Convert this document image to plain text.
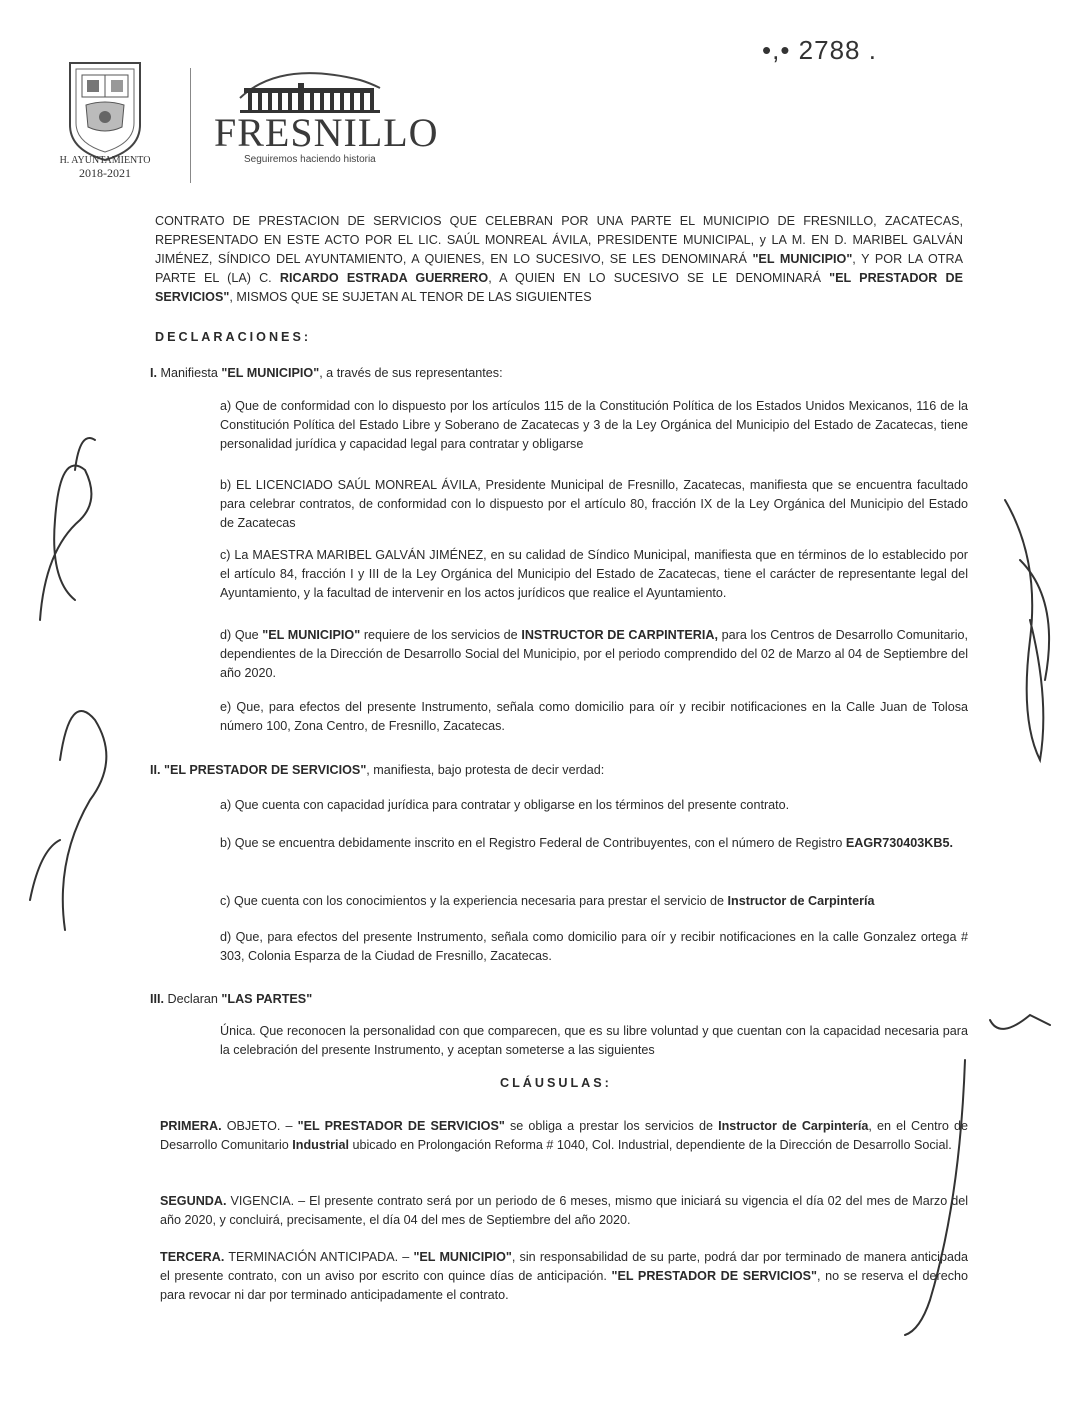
H. AYUNTAMIENTO
2018-2021
FRESNILLO
Seguiremos haciendo historia
•,• 2788 .
CONTRATO DE PRESTACION DE SERVICIOS QUE CELEBRAN POR UNA PARTE EL MUNICIPIO DE FRESNILLO, ZACATECAS, REPRESENTADO EN ESTE ACTO POR EL LIC. SAÚL MONREAL ÁVILA, PRESIDENTE MUNICIPAL, y LA M. EN D. MARIBEL GALVÁN JIMÉNEZ, SÍNDICO DEL AYUNTAMIENTO, A QUIENES, EN LO SUCESIVO, SE LES DENOMINARÁ "EL MUNICIPIO", Y POR LA OTRA PARTE EL (LA) C. RICARDO ESTRADA GUERRERO, A QUIEN EN LO SUCESIVO SE LE DENOMINARÁ "EL PRESTADOR DE SERVICIOS", MISMOS QUE SE SUJETAN AL TENOR DE LAS SIGUIENTES
DECLARACIONES:
I. Manifiesta "EL MUNICIPIO", a través de sus representantes:
a) Que de conformidad con lo dispuesto por los artículos 115 de la Constitución Política de los Estados Unidos Mexicanos, 116 de la Constitución Política del Estado Libre y Soberano de Zacatecas y 3 de la Ley Orgánica del Municipio del Estado de Zacatecas, tiene personalidad jurídica y capacidad legal para contratar y obligarse
b) EL LICENCIADO SAÚL MONREAL ÁVILA, Presidente Municipal de Fresnillo, Zacatecas, manifiesta que se encuentra facultado para celebrar contratos, de conformidad con lo dispuesto por el artículo 80, fracción IX de la Ley Orgánica del Municipio del Estado de Zacatecas
c) La MAESTRA MARIBEL GALVÁN JIMÉNEZ, en su calidad de Síndico Municipal, manifiesta que en términos de lo establecido por el artículo 84, fracción I y III de la Ley Orgánica del Municipio del Estado de Zacatecas, tiene el carácter de representante legal del Ayuntamiento, y la facultad de intervenir en los actos jurídicos que realice el Ayuntamiento.
d) Que "EL MUNICIPIO" requiere de los servicios de INSTRUCTOR DE CARPINTERIA, para los Centros de Desarrollo Comunitario, dependientes de la Dirección de Desarrollo Social del Municipio, por el periodo comprendido del 02 de Marzo al 04 de Septiembre del año 2020.
e) Que, para efectos del presente Instrumento, señala como domicilio para oír y recibir notificaciones en la Calle Juan de Tolosa número 100, Zona Centro, de Fresnillo, Zacatecas.
II. "EL PRESTADOR DE SERVICIOS", manifiesta, bajo protesta de decir verdad:
a) Que cuenta con capacidad jurídica para contratar y obligarse en los términos del presente contrato.
b) Que se encuentra debidamente inscrito en el Registro Federal de Contribuyentes, con el número de Registro EAGR730403KB5.
c) Que cuenta con los conocimientos y la experiencia necesaria para prestar el servicio de Instructor de Carpintería
d) Que, para efectos del presente Instrumento, señala como domicilio para oír y recibir notificaciones en la calle Gonzalez ortega # 303, Colonia Esparza de la Ciudad de Fresnillo, Zacatecas.
III. Declaran "LAS PARTES"
Única. Que reconocen la personalidad con que comparecen, que es su libre voluntad y que cuentan con la capacidad necesaria para la celebración del presente Instrumento, y aceptan someterse a las siguientes
CLÁUSULAS:
PRIMERA. OBJETO. – "EL PRESTADOR DE SERVICIOS" se obliga a prestar los servicios de Instructor de Carpintería, en el Centro de Desarrollo Comunitario Industrial ubicado en Prolongación Reforma # 1040, Col. Industrial, dependiente de la Dirección de Desarrollo Social.
SEGUNDA. VIGENCIA. – El presente contrato será por un periodo de 6 meses, mismo que iniciará su vigencia el día 02 del mes de Marzo del año 2020, y concluirá, precisamente, el día 04 del mes de Septiembre del año 2020.
TERCERA. TERMINACIÓN ANTICIPADA. – "EL MUNICIPIO", sin responsabilidad de su parte, podrá dar por terminado de manera anticipada el presente contrato, con un aviso por escrito con quince días de anticipación. "EL PRESTADOR DE SERVICIOS", no se reserva el derecho para revocar ni dar por terminado anticipadamente el contrato.
